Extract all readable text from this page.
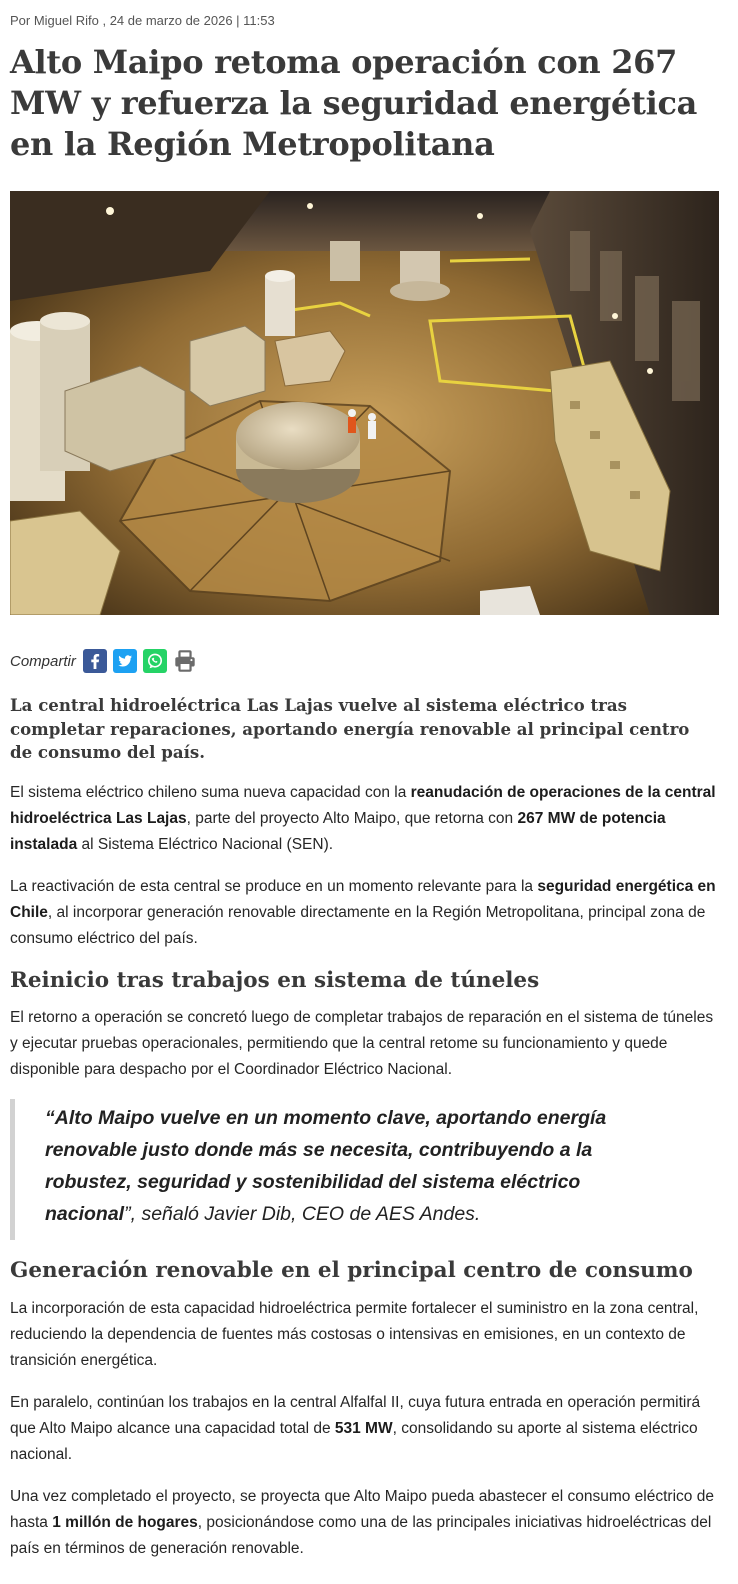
Por Miguel Rifo , 24 de marzo de 2026 | 11:53
Alto Maipo retoma operación con 267 MW y refuerza la seguridad energética en la Región Metropolitana
Compartir

La central hidroeléctrica Las Lajas vuelve al sistema eléctrico tras completar reparaciones, aportando energía renovable al principal centro de consumo del país.

El sistema eléctrico chileno suma nueva capacidad con la reanudación de operaciones de la central hidroeléctrica Las Lajas, parte del proyecto Alto Maipo, que retorna con 267 MW de potencia instalada al Sistema Eléctrico Nacional (SEN).

La reactivación de esta central se produce en un momento relevante para la seguridad energética en Chile, al incorporar generación renovable directamente en la Región Metropolitana, principal zona de consumo eléctrico del país.

Reinicio tras trabajos en sistema de túneles

El retorno a operación se concretó luego de completar trabajos de reparación en el sistema de túneles y ejecutar pruebas operacionales, permitiendo que la central retome su funcionamiento y quede disponible para despacho por el Coordinador Eléctrico Nacional.

“Alto Maipo vuelve en un momento clave, aportando energía renovable justo donde más se necesita, contribuyendo a la robustez, seguridad y sostenibilidad del sistema eléctrico nacional”, señaló Javier Dib, CEO de AES Andes.

Generación renovable en el principal centro de consumo

La incorporación de esta capacidad hidroeléctrica permite fortalecer el suministro en la zona central, reduciendo la dependencia de fuentes más costosas o intensivas en emisiones, en un contexto de transición energética.

En paralelo, continúan los trabajos en la central Alfalfal II, cuya futura entrada en operación permitirá que Alto Maipo alcance una capacidad total de 531 MW, consolidando su aporte al sistema eléctrico nacional.

Una vez completado el proyecto, se proyecta que Alto Maipo pueda abastecer el consumo eléctrico de hasta 1 millón de hogares, posicionándose como una de las principales iniciativas hidroeléctricas del país en términos de generación renovable.
